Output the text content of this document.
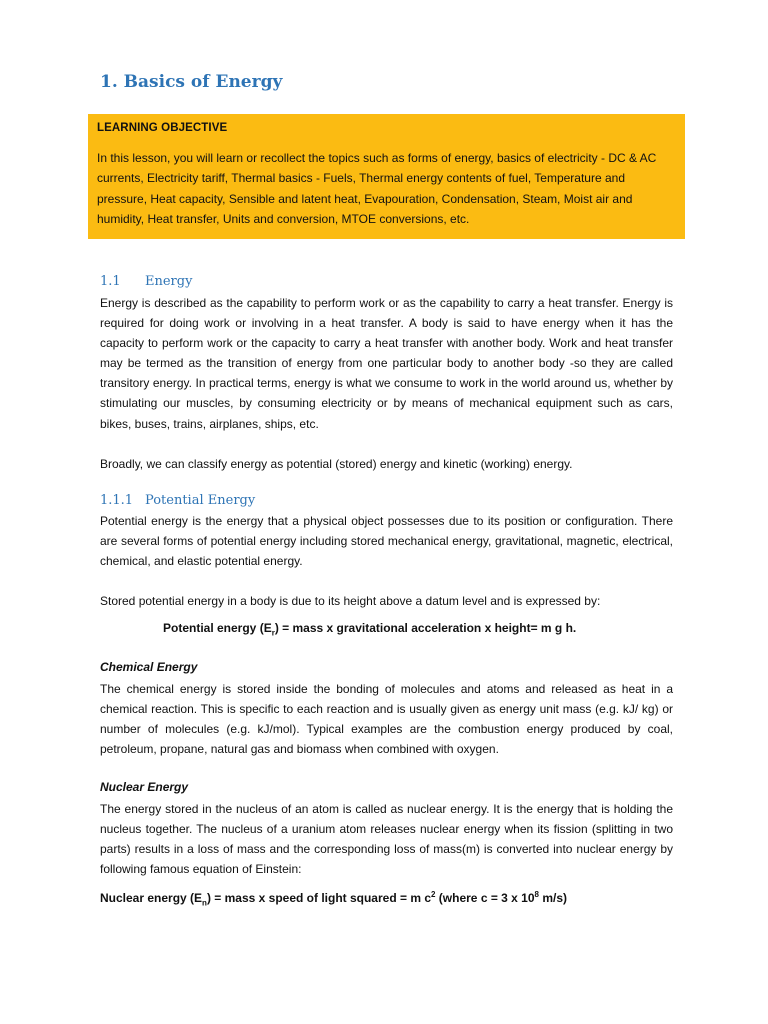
1. Basics of Energy

LEARNING OBJECTIVE

In this lesson, you will learn or recollect the topics such as forms of energy, basics of electricity - DC & AC currents, Electricity tariff, Thermal basics - Fuels, Thermal energy contents of fuel, Temperature and pressure, Heat capacity, Sensible and latent heat, Evapouration, Condensation, Steam, Moist air and humidity, Heat transfer, Units and conversion, MTOE conversions, etc.

1.1 Energy

Energy is described as the capability to perform work or as the capability to carry a heat transfer. Energy is required for doing work or involving in a heat transfer. A body is said to have energy when it has the capacity to perform work or the capacity to carry a heat transfer with another body. Work and heat transfer may be termed as the transition of energy from one particular body to another body -so they are called transitory energy. In practical terms, energy is what we consume to work in the world around us, whether by stimulating our muscles, by consuming electricity or by means of mechanical equipment such as cars, bikes, buses, trains, airplanes, ships, etc.

Broadly, we can classify energy as potential (stored) energy and kinetic (working) energy.

1.1.1 Potential Energy

Potential energy is the energy that a physical object possesses due to its position or configuration. There are several forms of potential energy including stored mechanical energy, gravitational, magnetic, electrical, chemical, and elastic potential energy.

Stored potential energy in a body is due to its height above a datum level and is expressed by:

Potential energy $(E_r)$ = mass x gravitational acceleration x height= m g h.

Chemical Energy

The chemical energy is stored inside the bonding of molecules and atoms and released as heat in a chemical reaction. This is specific to each reaction and is usually given as energy unit mass (e.g. kJ/ kg) or number of molecules (e.g. kJ/mol). Typical examples are the combustion energy produced by coal, petroleum, propane, natural gas and biomass when combined with oxygen.

Nuclear Energy

The energy stored in the nucleus of an atom is called as nuclear energy. It is the energy that is holding the nucleus together. The nucleus of a uranium atom releases nuclear energy when its fission (splitting in two parts) results in a loss of mass and the corresponding loss of mass(m) is converted into nuclear energy by following famous equation of Einstein:

Nuclear energy $(E_n)$ = mass x speed of light squared = m $c^2$ (where c = 3 x $10^8$ m/s)
